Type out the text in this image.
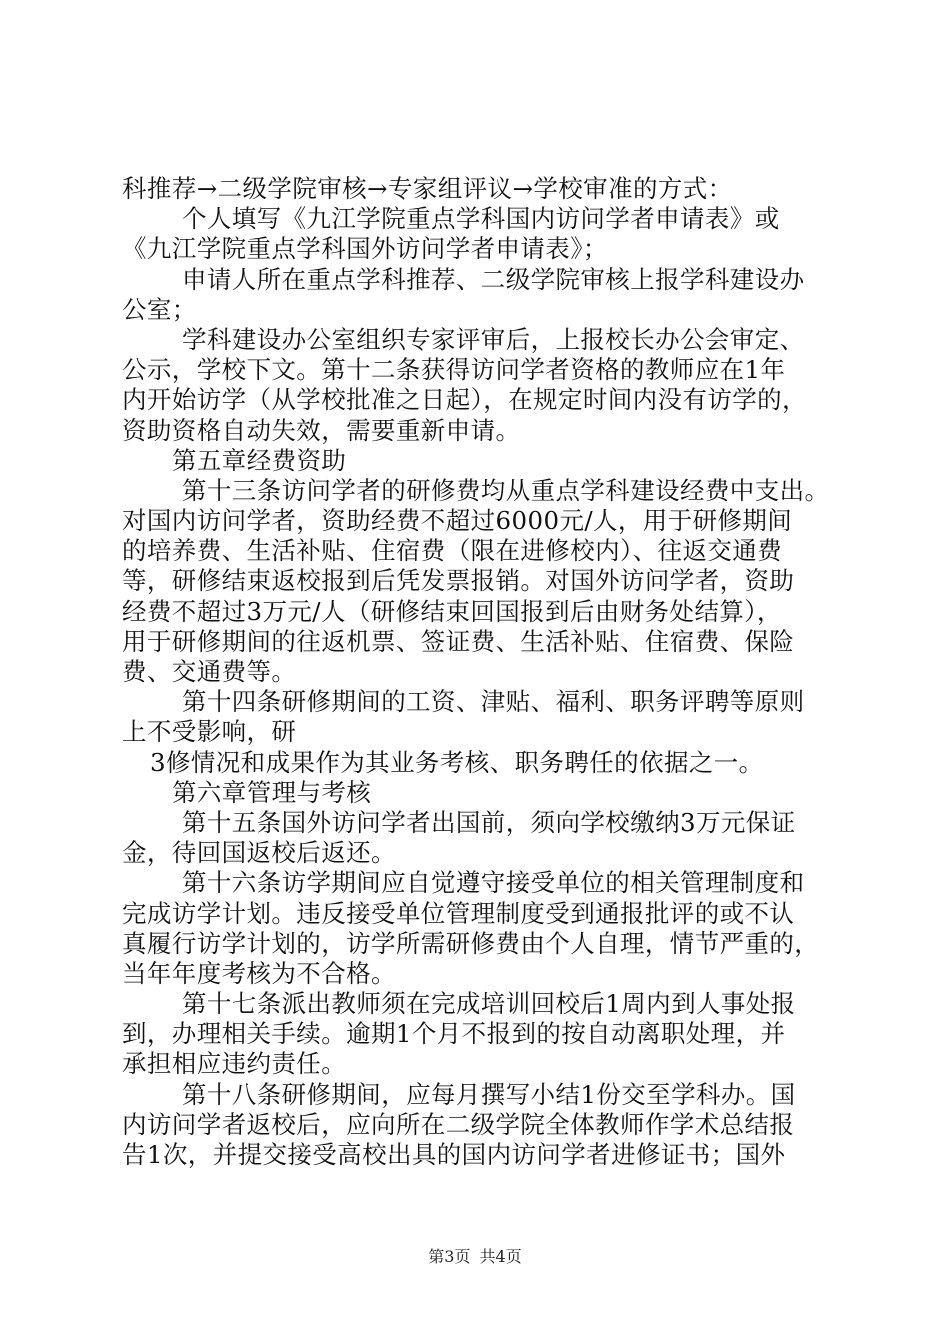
科推荐→二级学院审核→专家组评议→学校审准的方式：
个人填写《九江学院重点学科国内访问学者申请表》或
《九江学院重点学科国外访问学者申请表》；
申请人所在重点学科推荐、二级学院审核上报学科建设办
公室；
学科建设办公室组织专家评审后，上报校长办公会审定、
公示，学校下文。第十二条获得访问学者资格的教师应在1年
内开始访学（从学校批准之日起），在规定时间内没有访学的，
资助资格自动失效，需要重新申请。
第五章经费资助
第十三条访问学者的研修费均从重点学科建设经费中支出。
对国内访问学者，资助经费不超过6000元/人，用于研修期间
的培养费、生活补贴、住宿费（限在进修校内）、往返交通费
等，研修结束返校报到后凭发票报销。对国外访问学者，资助
经费不超过3万元/人（研修结束回国报到后由财务处结算），
用于研修期间的往返机票、签证费、生活补贴、住宿费、保险
费、交通费等。
第十四条研修期间的工资、津贴、福利、职务评聘等原则
上不受影响，研
3修情况和成果作为其业务考核、职务聘任的依据之一。
第六章管理与考核
第十五条国外访问学者出国前，须向学校缴纳3万元保证
金，待回国返校后返还。
第十六条访学期间应自觉遵守接受单位的相关管理制度和
完成访学计划。违反接受单位管理制度受到通报批评的或不认
真履行访学计划的，访学所需研修费由个人自理，情节严重的，
当年年度考核为不合格。
第十七条派出教师须在完成培训回校后1周内到人事处报
到，办理相关手续。逾期1个月不报到的按自动离职处理，并
承担相应违约责任。
第十八条研修期间，应每月撰写小结1份交至学科办。国
内访问学者返校后，应向所在二级学院全体教师作学术总结报
告1次，并提交接受高校出具的国内访问学者进修证书；国外
第3页 共4页
